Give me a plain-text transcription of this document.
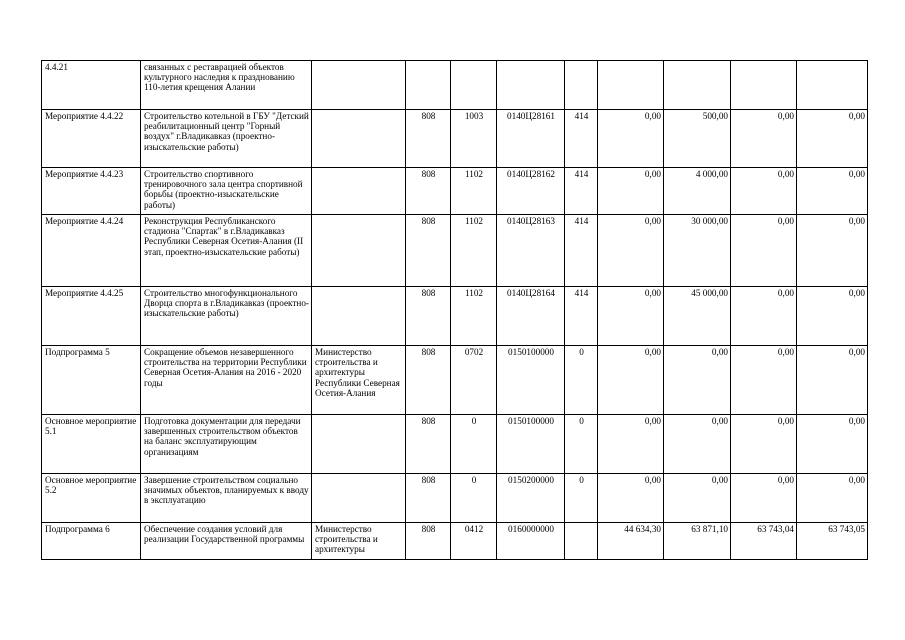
4.4.21	связанных с реставрацией объектов культурного наследия к празднованию 110-летия крещения Алании									
Мероприятие 4.4.22	Строительство котельной в ГБУ "Детский реабилитационный центр "Горный воздух" г.Владикавказ (проектно-изыскательские работы)		808	1003	0140Ц28161	414	0,00	500,00	0,00	0,00
Мероприятие 4.4.23	Строительство спортивного тренировочного зала центра спортивной борьбы (проектно-изыскательские работы)		808	1102	0140Ц28162	414	0,00	4 000,00	0,00	0,00
Мероприятие 4.4.24	Реконструкция Республиканского стадиона "Спартак" в г.Владикавказ Республики Северная Осетия-Алания (II этап, проектно-изыскательские работы)		808	1102	0140Ц28163	414	0,00	30 000,00	0,00	0,00
Мероприятие 4.4.25	Строительство многофункционального Дворца спорта в г.Владикавказ (проектно-изыскательские работы)		808	1102	0140Ц28164	414	0,00	45 000,00	0,00	0,00
Подпрограмма 5	Сокращение объемов незавершенного строительства на территории Республики Северная Осетия-Алания на 2016 - 2020 годы	Министерство строительства и архитектуры Республики Северная Осетия-Алания	808	0702	0150100000	0	0,00	0,00	0,00	0,00
Основное мероприятие 5.1	Подготовка документации для передачи завершенных строительством объектов на баланс эксплуатирующим организациям		808	0	0150100000	0	0,00	0,00	0,00	0,00
Основное мероприятие 5.2	Завершение строительством социально значимых объектов, планируемых к вводу в эксплуатацию		808	0	0150200000	0	0,00	0,00	0,00	0,00
Подпрограмма 6	Обеспечение создания условий для реализации Государственной программы	Министерство строительства и архитектуры	808	0412	0160000000		44 634,30	63 871,10	63 743,04	63 743,05
